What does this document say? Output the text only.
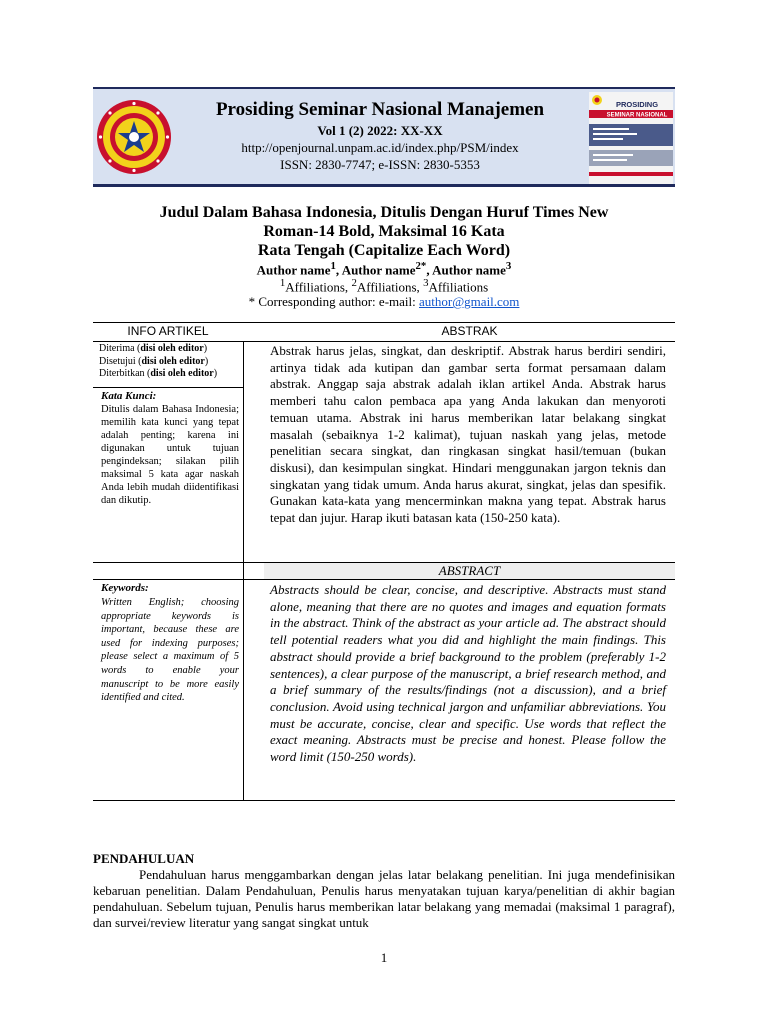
Prosiding Seminar Nasional Manajemen
Vol 1 (2) 2022: XX-XX
http://openjournal.unpam.ac.id/index.php/PSM/index
ISSN: 2830-7747; e-ISSN: 2830-5353
PROSIDING
SEMINAR NASIONAL
Judul Dalam Bahasa Indonesia, Ditulis Dengan Huruf Times New
Roman-14 Bold, Maksimal 16 Kata
Rata Tengah (Capitalize Each Word)
Author name$^1$, Author name$^{2*}$, Author name$^3$
$^1$Affiliations, $^2$Affiliations, $^3$Affiliations
* Corresponding author: e-mail: author@gmail.com
INFO ARTIKEL	ABSTRAK
ABSTRACT
Diterima (disi oleh editor)
Disetujui (disi oleh editor)
Diterbitkan (disi oleh editor)
Kata Kunci:
Ditulis dalam Bahasa Indonesia; memilih kata kunci yang tepat adalah penting; karena ini digunakan untuk tujuan pengindeksan; silakan pilih maksimal 5 kata agar naskah Anda lebih mudah diidentifikasi dan dikutip.
Keywords:
Written English; choosing appropriate keywords is important, because these are used for indexing purposes; please select a maximum of 5 words to enable your manuscript to be more easily identified and cited.
Abstrak harus jelas, singkat, dan deskriptif. Abstrak harus berdiri sendiri, artinya tidak ada kutipan dan gambar serta format persamaan dalam abstrak. Anggap saja abstrak adalah iklan artikel Anda. Abstrak harus memberi tahu calon pembaca apa yang Anda lakukan dan menyoroti temuan utama. Abstrak ini harus memberikan latar belakang singkat masalah (sebaiknya 1-2 kalimat), tujuan naskah yang jelas, metode penelitian secara singkat, dan ringkasan singkat hasil/temuan (bukan diskusi), dan kesimpulan singkat. Hindari menggunakan jargon teknis dan singkatan yang tidak umum. Anda harus akurat, singkat, jelas dan spesifik. Gunakan kata-kata yang mencerminkan makna yang tepat. Abstrak harus tepat dan jujur. Harap ikuti batasan kata (150-250 kata).
Abstracts should be clear, concise, and descriptive. Abstracts must stand alone, meaning that there are no quotes and images and equation formats in the abstract. Think of the abstract as your article ad. The abstract should tell potential readers what you did and highlight the main findings. This abstract should provide a brief background to the problem (preferably 1-2 sentences), a clear purpose of the manuscript, a brief research method, and a brief summary of the results/findings (not a discussion), and a brief conclusion. Avoid using technical jargon and unfamiliar abbreviations. You must be accurate, concise, clear and specific. Use words that reflect the exact meaning. Abstracts must be precise and honest. Please follow the word limit (150-250 words).
PENDAHULUAN
Pendahuluan harus menggambarkan dengan jelas latar belakang penelitian. Ini juga mendefinisikan kebaruan penelitian. Dalam Pendahuluan, Penulis harus menyatakan tujuan karya/penelitian di akhir bagian pendahuluan. Sebelum tujuan, Penulis harus memberikan latar belakang yang memadai (maksimal 1 paragraf), dan survei/review literatur yang sangat singkat untuk
1
